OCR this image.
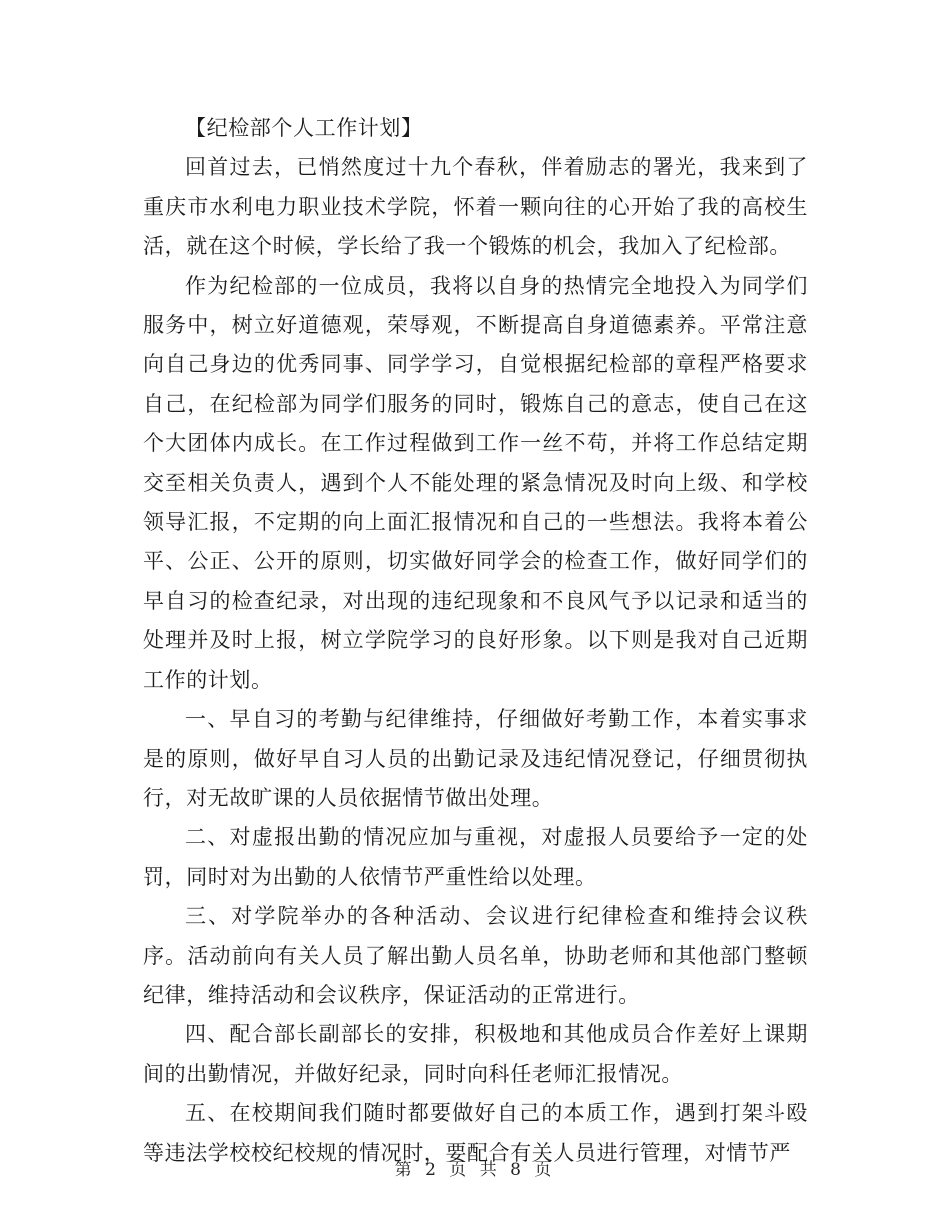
【纪检部个人工作计划】

回首过去，已悄然度过十九个春秋，伴着励志的署光，我来到了重庆市水利电力职业技术学院，怀着一颗向往的心开始了我的高校生活，就在这个时候，学长给了我一个锻炼的机会，我加入了纪检部。

作为纪检部的一位成员，我将以自身的热情完全地投入为同学们服务中，树立好道德观，荣辱观，不断提高自身道德素养。平常注意向自己身边的优秀同事、同学学习，自觉根据纪检部的章程严格要求自己，在纪检部为同学们服务的同时，锻炼自己的意志，使自己在这个大团体内成长。在工作过程做到工作一丝不苟，并将工作总结定期交至相关负责人，遇到个人不能处理的紧急情况及时向上级、和学校领导汇报，不定期的向上面汇报情况和自己的一些想法。我将本着公平、公正、公开的原则，切实做好同学会的检查工作，做好同学们的早自习的检查纪录，对出现的违纪现象和不良风气予以记录和适当的处理并及时上报，树立学院学习的良好形象。以下则是我对自己近期工作的计划。

一、早自习的考勤与纪律维持，仔细做好考勤工作，本着实事求是的原则，做好早自习人员的出勤记录及违纪情况登记，仔细贯彻执行，对无故旷课的人员依据情节做出处理。

二、对虚报出勤的情况应加与重视，对虚报人员要给予一定的处罚，同时对为出勤的人依情节严重性给以处理。

三、对学院举办的各种活动、会议进行纪律检查和维持会议秩序。活动前向有关人员了解出勤人员名单，协助老师和其他部门整顿纪律，维持活动和会议秩序，保证活动的正常进行。

四、配合部长副部长的安排，积极地和其他成员合作差好上课期间的出勤情况，并做好纪录，同时向科任老师汇报情况。

五、在校期间我们随时都要做好自己的本质工作，遇到打架斗殴等违法学校校纪校规的情况时，要配合有关人员进行管理，对情节严

第 2 页 共 8 页
